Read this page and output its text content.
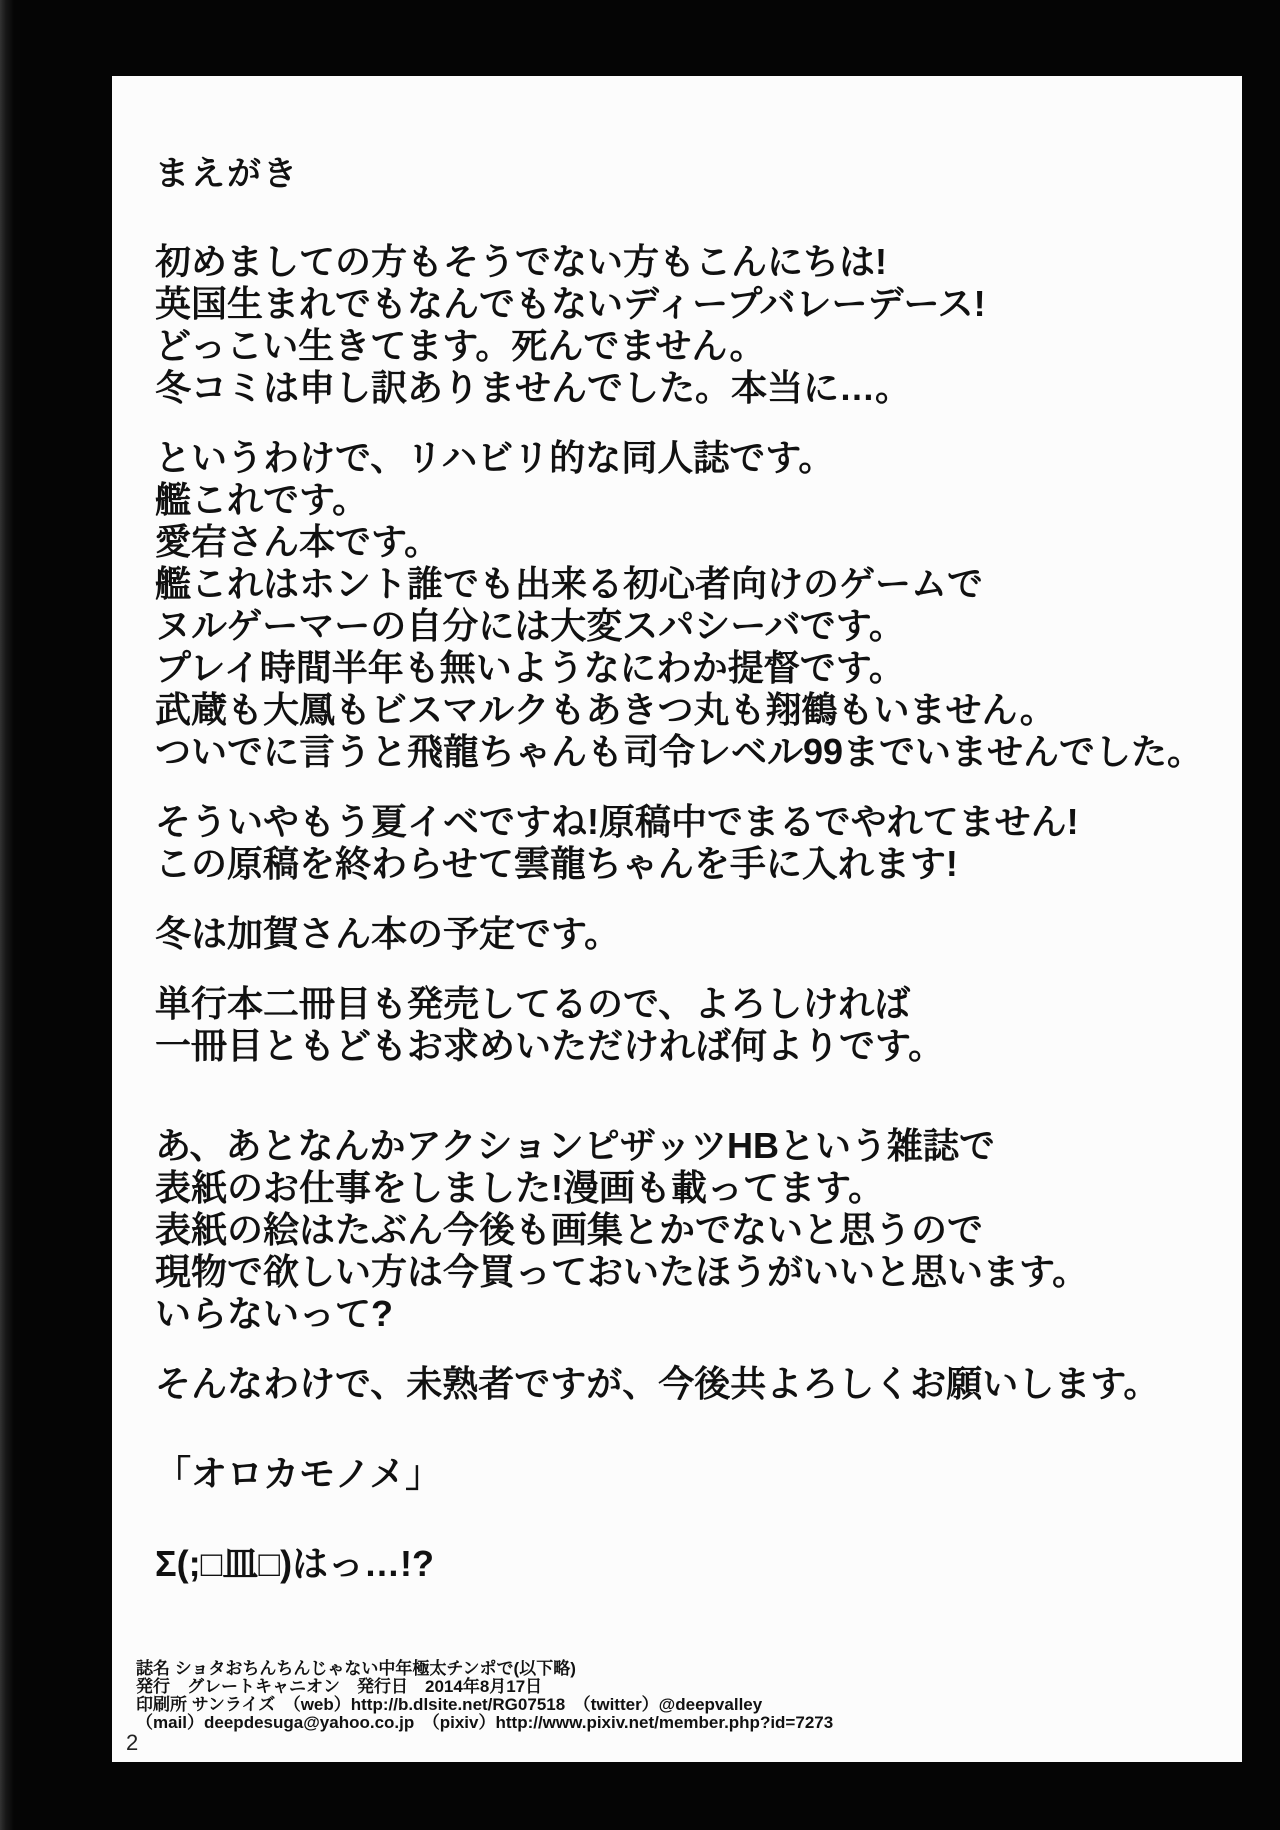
まえがき
初めましての方もそうでない方もこんにちは!
英国生まれでもなんでもないディープバレーデース!
どっこい生きてます。死んでません。
冬コミは申し訳ありませんでした。本当に…。
というわけで、リハビリ的な同人誌です。
艦これです。
愛宕さん本です。
艦これはホント誰でも出来る初心者向けのゲームで
ヌルゲーマーの自分には大変スパシーバです。
プレイ時間半年も無いようなにわか提督です。
武蔵も大鳳もビスマルクもあきつ丸も翔鶴もいません。
ついでに言うと飛龍ちゃんも司令レベル99までいませんでした。
そういやもう夏イベですね!原稿中でまるでやれてません!
この原稿を終わらせて雲龍ちゃんを手に入れます!
冬は加賀さん本の予定です。
単行本二冊目も発売してるので、よろしければ
一冊目ともどもお求めいただければ何よりです。
あ、あとなんかアクションピザッツHBという雑誌で
表紙のお仕事をしました!漫画も載ってます。
表紙の絵はたぶん今後も画集とかでないと思うので
現物で欲しい方は今買っておいたほうがいいと思います。
いらないって?
そんなわけで、未熟者ですが、今後共よろしくお願いします。
「オロカモノメ」
Σ(;□皿□)はっ…!?
誌名 ショタおちんちんじゃない中年極太チンポで(以下略)
発行　グレートキャニオン　発行日　2014年8月17日
印刷所 サンライズ　（web）http://b.dlsite.net/RG07518　（twitter）@deepvalley
（mail）deepdesuga@yahoo.co.jp　（pixiv）http://www.pixiv.net/member.php?id=7273
2
